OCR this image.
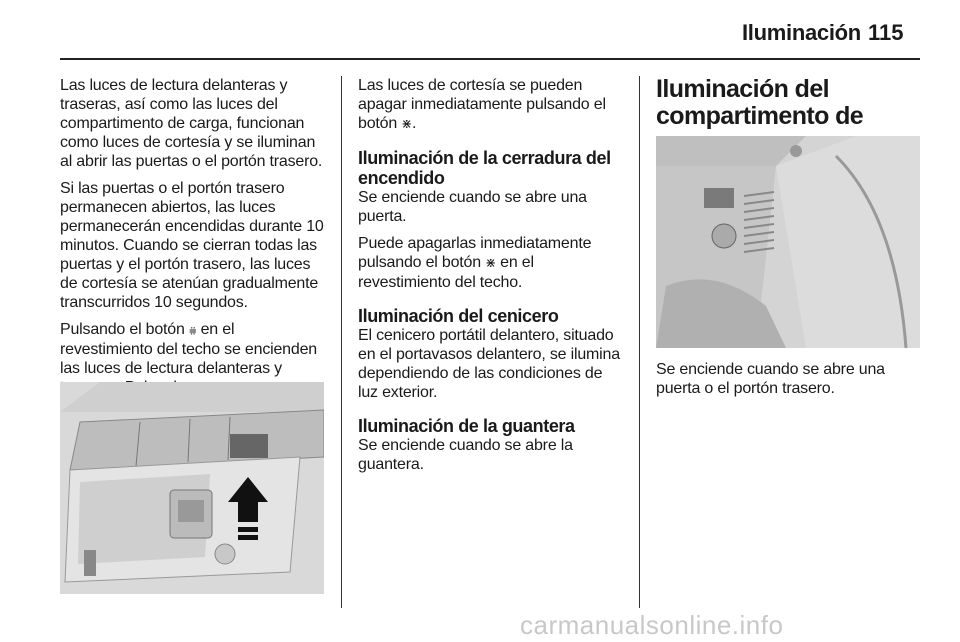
Iluminación 115

Las luces de lectura delanteras y traseras, así como las luces del compartimento de carga, funcionan como luces de cortesía y se iluminan al abrir las puertas o el portón trasero.

Si las puertas o el portón trasero permanecen abiertos, las luces permanecerán encendidas durante 10 minutos. Cuando se cierran todas las puertas y el portón trasero, las luces de cortesía se atenúan gradualmente transcurridos 10 segundos.

Pulsando el botón ⩷ en el revestimiento del techo se encienden las luces de lectura delanteras y

Las luces de cortesía se pueden apagar inmediatamente pulsando el botón ⋇.

Iluminación de la cerradura del encendido

Se enciende cuando se abre una puerta.

Puede apagarlas inmediatamente pulsando el botón ⋇ en el revestimiento del techo.

Iluminación del cenicero

El cenicero portátil delantero, situado en el portavasos delantero, se ilumina dependiendo de las condiciones de luz exterior.

Iluminación de la guantera

Se enciende cuando se abre la guantera.

Iluminación del compartimento de

Se enciende cuando se abre una puerta o el portón trasero.

carmanualsonline.info
